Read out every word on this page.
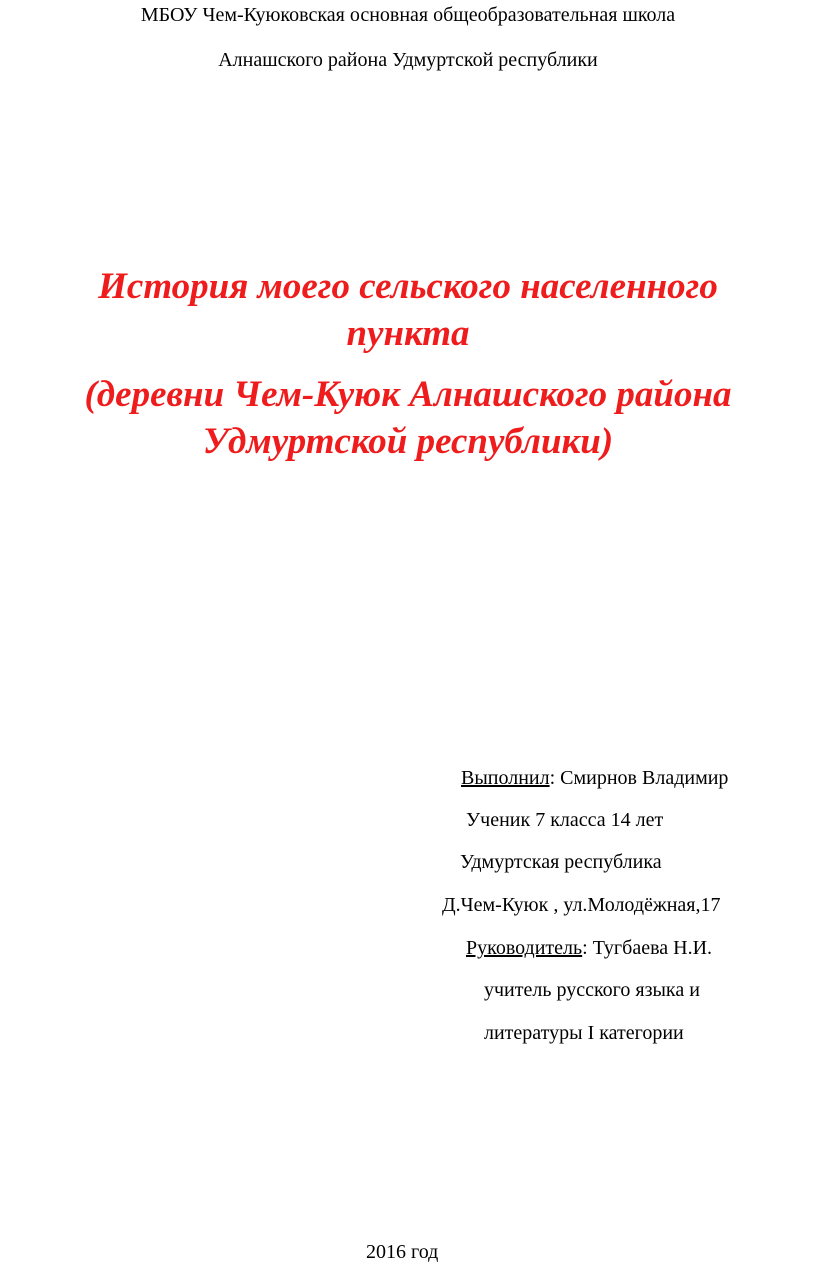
МБОУ Чем-Куюковская основная общеобразовательная школа
Алнашского района Удмуртской республики
История моего сельского населенного
пункта
(деревни Чем-Куюк Алнашского района
Удмуртской республики)
Выполнил: Смирнов Владимир
Ученик 7 класса 14 лет
Удмуртская республика
Д.Чем-Куюк , ул.Молодёжная,17
Руководитель: Тугбаева Н.И.
учитель русского языка и
литературы I категории
2016 год
